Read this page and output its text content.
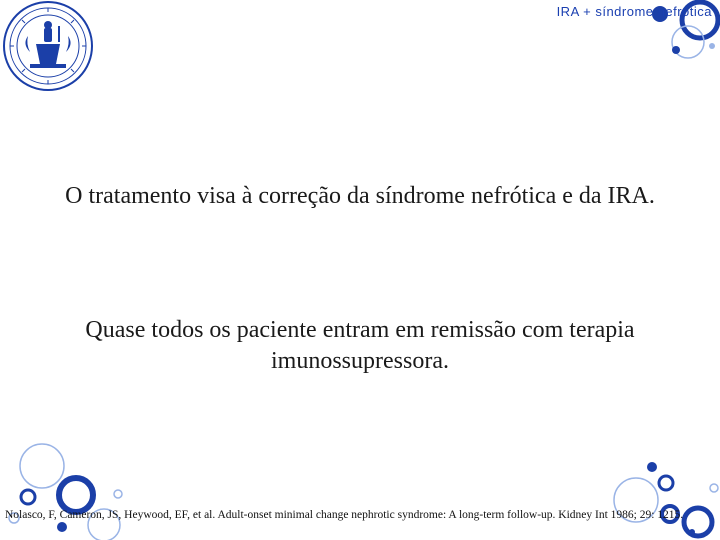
IRA + síndrome nefrótica
O tratamento visa à correção da síndrome nefrótica e da IRA.
Quase todos os paciente entram em remissão com terapia imunossupressora.
Nolasco, F, Cameron, JS, Heywood, EF, et al. Adult-onset minimal change nephrotic syndrome: A long-term follow-up. Kidney Int 1986; 29: 1215.
